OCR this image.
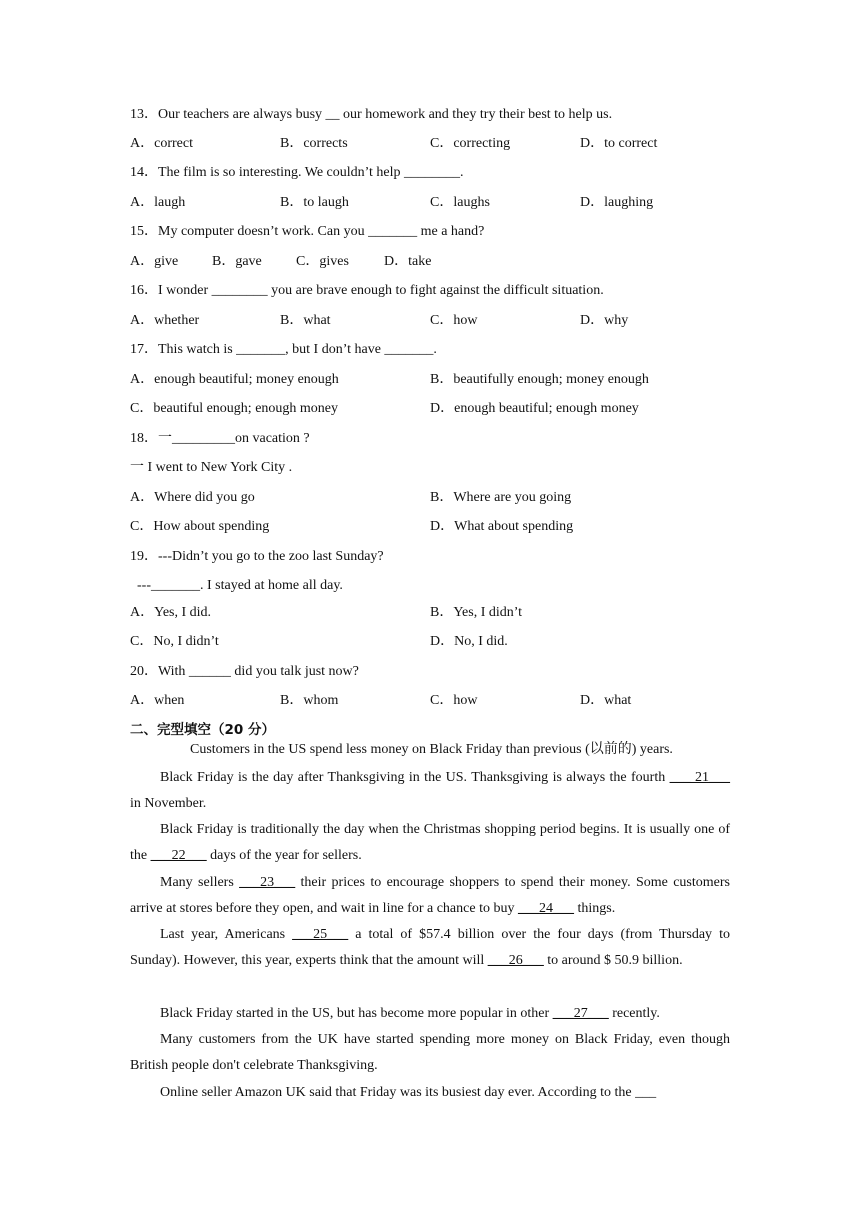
13．Our teachers are always busy __ our homework and they try their best to help us.
A．correct	B．corrects	C．correcting	D．to correct
14．The film is so interesting. We couldn’t help ________.
A．laugh	B．to laugh	C．laughs	D．laughing
15．My computer doesn’t work. Can you _______ me a hand?
A．give B．gave C．gives	D．take
16．I wonder ________ you are brave enough to fight against the difficult situation.
A．whether	B．what	C．how	D．why
17．This watch is _______, but I don’t have _______.
A．enough beautiful; money enough	B．beautifully enough; money enough
C．beautiful enough; enough money	D．enough beautiful; enough money
18．一_________on vacation ?
一 I went to New York City .
A．Where did you go	B．Where are you going
C．How about spending	D．What about spending
19．---Didn’t you go to the zoo last Sunday?
---_______. I stayed at home all day.
A．Yes, I did.	B．Yes, I didn’t
C．No, I didn’t	D．No, I did.
20．With ______ did you talk just now?
A．when	B．whom	C．how	D．what
二、完型填空（20 分）
Customers in the US spend less money on Black Friday than previous (以前的) years.
Black Friday is the day after Thanksgiving in the US. Thanksgiving is always the fourth ___ 21___ in November.
Black Friday is traditionally the day when the Christmas shopping period begins. It is usually one of the ___22___ days of the year for sellers.
Many sellers ___23___ their prices to encourage shoppers to spend their money. Some customers arrive at stores before they open, and wait in line for a chance to buy ___24___ things.
Last year, Americans ___25___ a total of $57.4 billion over the four days (from Thursday to Sunday). However, this year, experts think that the amount will ___26___ to around $ 50.9 billion.
Black Friday started in the US, but has become more popular in other ___27___ recently.
Many customers from the UK have started spending more money on Black Friday, even though British people don't celebrate Thanksgiving.
Online seller Amazon UK said that Friday was its busiest day ever. According to the ___
